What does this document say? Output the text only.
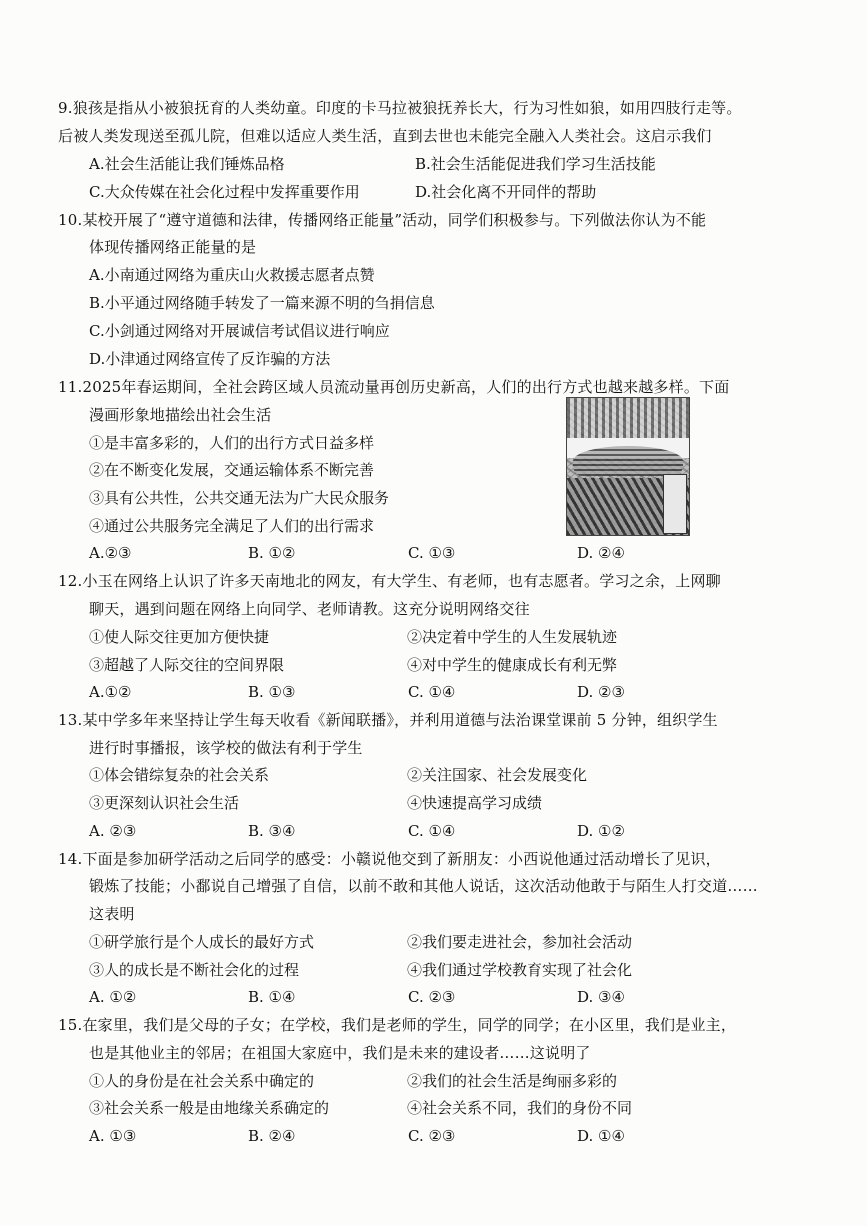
9.狼孩是指从小被狼抚育的人类幼童。印度的卡马拉被狼抚养长大，行为习性如狼，如用四肢行走等。
后被人类发现送至孤儿院，但难以适应人类生活，直到去世也未能完全融入人类社会。这启示我们
A.社会生活能让我们锤炼品格	B.社会生活能促进我们学习生活技能
C.大众传媒在社会化过程中发挥重要作用	D.社会化离不开同伴的帮助
10.某校开展了“遵守道德和法律，传播网络正能量”活动，同学们积极参与。下列做法你认为不能
体现传播网络正能量的是
A.小南通过网络为重庆山火救援志愿者点赞
B.小平通过网络随手转发了一篇来源不明的刍捐信息
C.小剑通过网络对开展诚信考试倡议进行响应
D.小津通过网络宣传了反诈骗的方法
11.2025年春运期间，全社会跨区域人员流动量再创历史新高，人们的出行方式也越来越多样。下面
漫画形象地描绘出社会生活
①是丰富多彩的，人们的出行方式日益多样
②在不断变化发展，交通运输体系不断完善
③具有公共性，公共交通无法为广大民众服务
④通过公共服务完全满足了人们的出行需求
A.②③	B. ①②	C. ①③	D. ②④
12.小玉在网络上认识了许多天南地北的网友，有大学生、有老师，也有志愿者。学习之余，上网聊
聊天，遇到问题在网络上向同学、老师请教。这充分说明网络交往
①使人际交往更加方便快捷	②决定着中学生的人生发展轨迹
③超越了人际交往的空间界限	④对中学生的健康成长有利无弊
A.①②	B. ①③	C. ①④	D. ②③
13.某中学多年来坚持让学生每天收看《新闻联播》，并利用道德与法治课堂课前 5 分钟，组织学生
进行时事播报，该学校的做法有利于学生
①体会错综复杂的社会关系	②关注国家、社会发展变化
③更深刻认识社会生活	④快速提高学习成绩
A. ②③	B. ③④	C. ①④	D. ①②
14.下面是参加研学活动之后同学的感受：小赣说他交到了新朋友：小西说他通过活动增长了见识，
锻炼了技能；小鄱说自己增强了自信，以前不敢和其他人说话，这次活动他敢于与陌生人打交道……
这表明
①研学旅行是个人成长的最好方式	②我们要走进社会，参加社会活动
③人的成长是不断社会化的过程	④我们通过学校教育实现了社会化
A. ①②	B. ①④	C. ②③	D. ③④
15.在家里，我们是父母的子女；在学校，我们是老师的学生，同学的同学；在小区里，我们是业主，
也是其他业主的邻居；在祖国大家庭中，我们是未来的建设者……这说明了
①人的身份是在社会关系中确定的	②我们的社会生活是绚丽多彩的
③社会关系一般是由地缘关系确定的	④社会关系不同，我们的身份不同
A. ①③	B. ②④	C. ②③	D. ①④
